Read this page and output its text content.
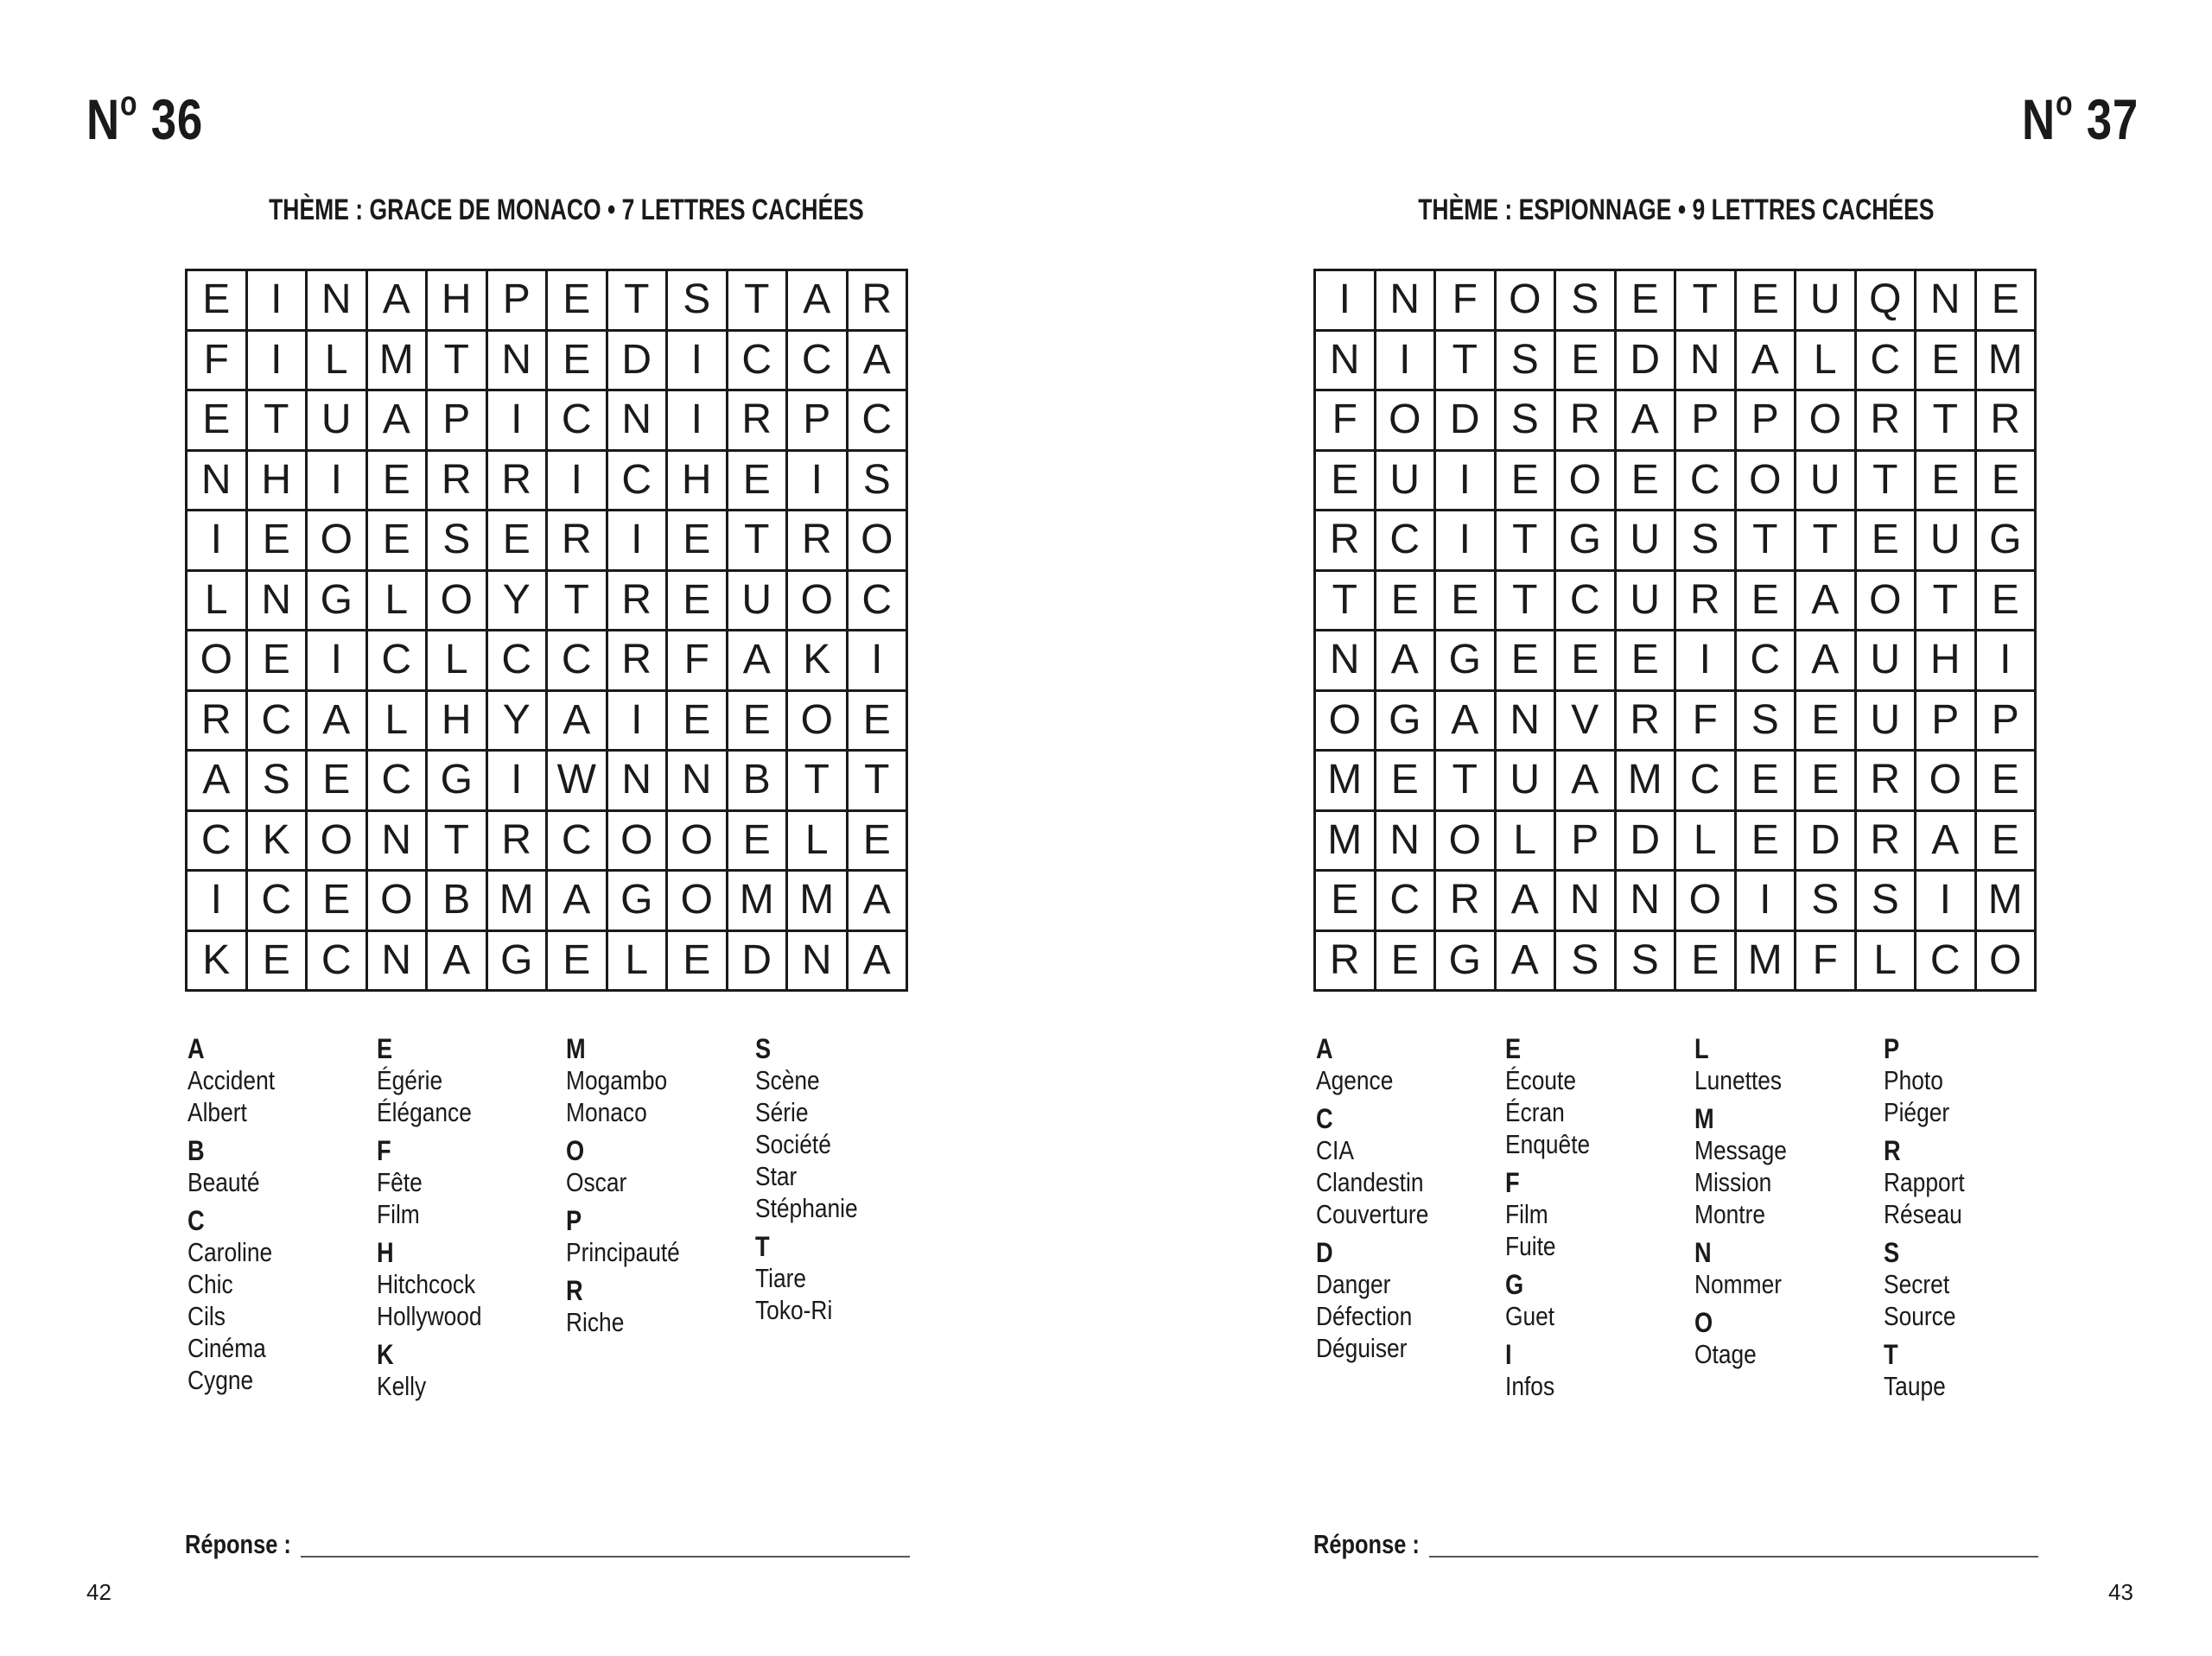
$N^o$ 36
THÈME : GRACE DE MONACO • 7 LETTRES CACHÉES
E I N A H P E T S T A R
F	I	L M T N E D I C C A
E T U A P I C N I R P C
N H I E R R I C H E I S
I E O E S E R I E T R O
L N G L O Y T R E U O C
O E I C L C C R F A K I
R C A L H Y A I E E O E
A S E C G I W N N B T T
C K O N T R C O O E L E
I C E O B M A G O M M A
K E C N A G E L E D N A
A
Accident
Albert
B
Beauté
C
Caroline
Chic
Cils
Cinéma
Cygne
E
Égérie
Élégance
F
Fête
Film
H
Hitchcock
Hollywood
K
Kelly
M
Mogambo
Monaco
O
Oscar
P
Principauté
R
Riche
S
Scène
Série
Société
Star
Stéphanie
T
Tiare
Toko-Ri
Réponse :
42
$N^o$ 37
THÈME : ESPIONNAGE • 9 LETTRES CACHÉES
I N F O S E T E U Q N E
N I	T S E D N A L C E M
F O D S R A P P O R T R
E U I E O E C O U T E E
R C I	T G U S T T E U G
T E E T C U R E A O T E
N A G E E E I C A U H I
O G A N V R F S E U P P
M E T U A M C E E R O E
M N O L P D L E D R A E
E C R A N N O I S S I M
R E G A S S E M F L C O
A
Agence
C
CIA
Clandestin
Couverture
D
Danger
Défection
Déguiser
E
Écoute
Écran
Enquête
F
Film
Fuite
G
Guet
I
Infos
L
Lunettes
M
Message
Mission
Montre
N
Nommer
O
Otage
P
Photo
Piéger
R
Rapport
Réseau
S
Secret
Source
T
Taupe
Réponse :
43
